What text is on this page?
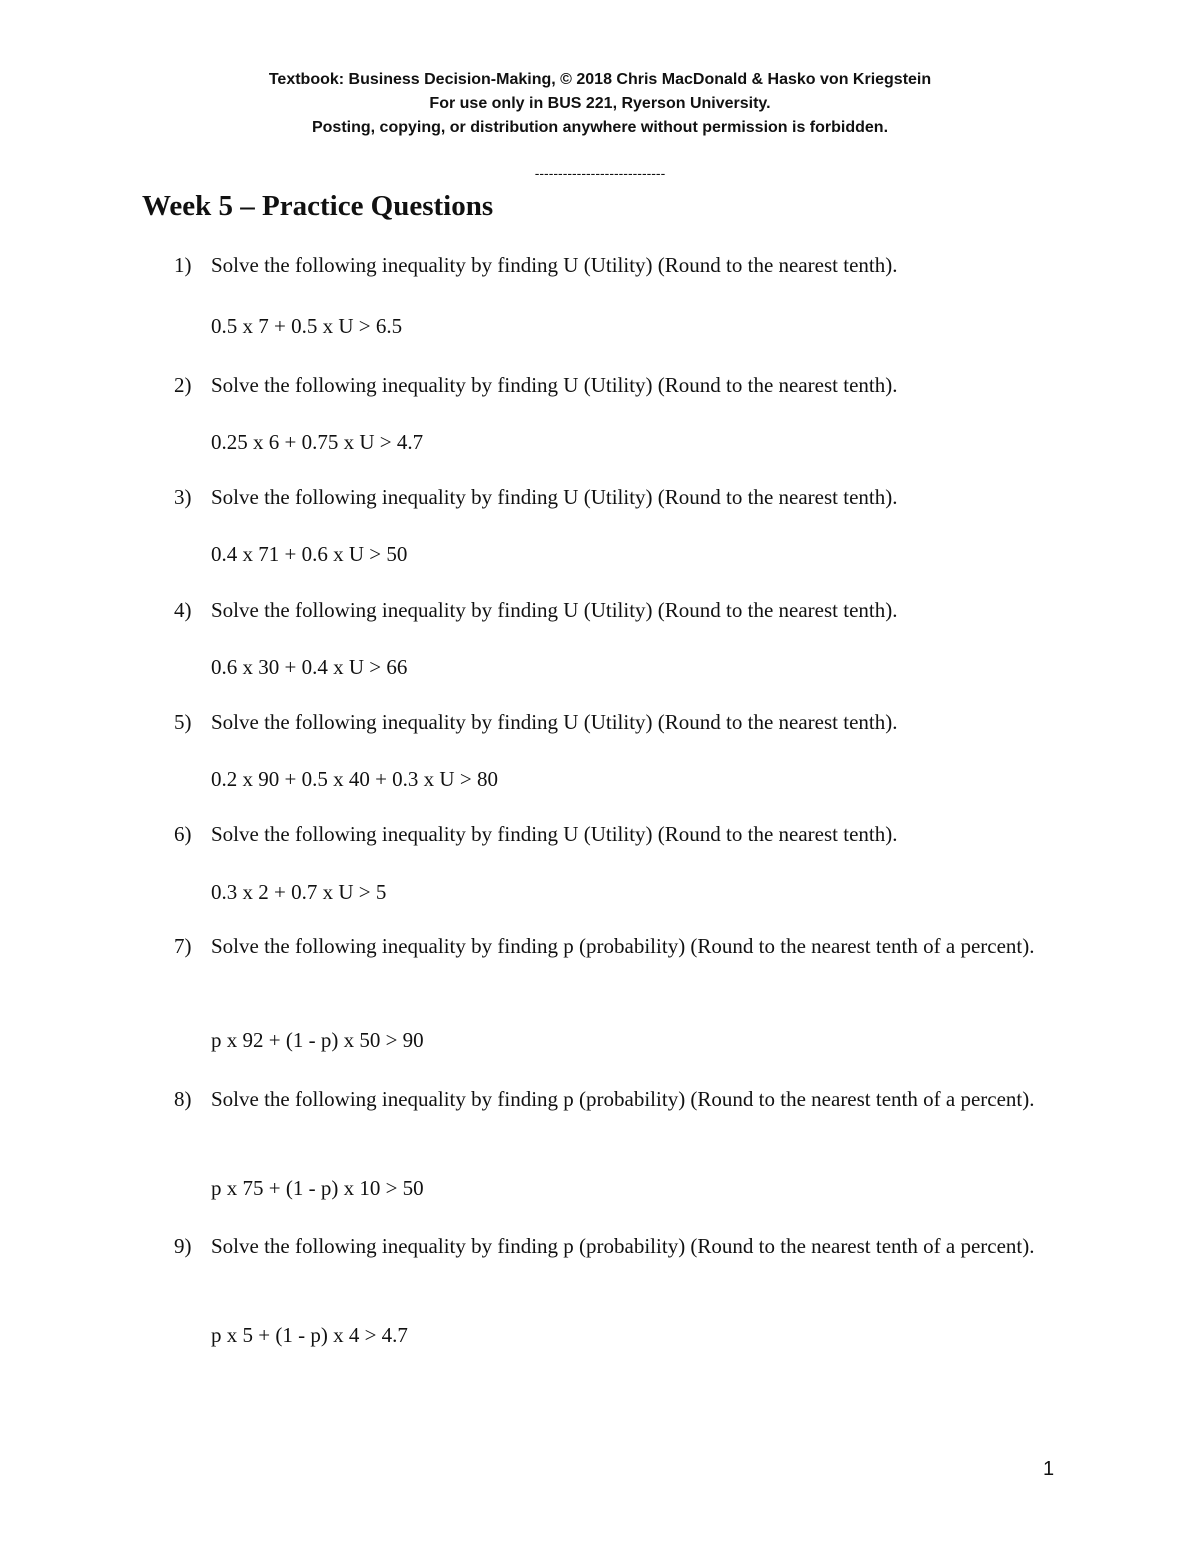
Textbook: Business Decision-Making, © 2018 Chris MacDonald & Hasko von Kriegstein
For use only in BUS 221, Ryerson University.
Posting, copying, or distribution anywhere without permission is forbidden.
----------------------------
Week 5 – Practice Questions
1) Solve the following inequality by finding U (Utility) (Round to the nearest tenth).
0.5 x 7 + 0.5 x U > 6.5
2) Solve the following inequality by finding U (Utility) (Round to the nearest tenth).
0.25 x 6 + 0.75 x U > 4.7
3) Solve the following inequality by finding U (Utility) (Round to the nearest tenth).
0.4 x 71 + 0.6 x U > 50
4) Solve the following inequality by finding U (Utility) (Round to the nearest tenth).
0.6 x 30 + 0.4 x U > 66
5) Solve the following inequality by finding U (Utility) (Round to the nearest tenth).
0.2 x 90 + 0.5 x 40 + 0.3 x U > 80
6) Solve the following inequality by finding U (Utility) (Round to the nearest tenth).
0.3 x 2 + 0.7 x U > 5
7) Solve the following inequality by finding p (probability) (Round to the nearest tenth of a percent).
p x 92 + (1 - p) x 50 > 90
8) Solve the following inequality by finding p (probability) (Round to the nearest tenth of a percent).
p x 75 + (1 - p) x 10 > 50
9) Solve the following inequality by finding p (probability) (Round to the nearest tenth of a percent).
p x 5 + (1 - p) x 4 > 4.7
1
